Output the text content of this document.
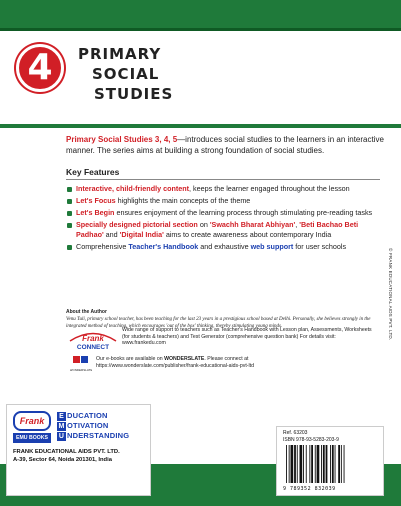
4	PRIMARY
SOCIAL
STUDIES

Primary Social Studies 3, 4, 5—introduces social studies to the learners in an interactive manner. The series aims at building a strong foundation of social studies.

Key Features
Interactive, child-friendly content, keeps the learner engaged throughout the lesson
Let's Focus highlights the main concepts of the theme
Let's Begin ensures enjoyment of the learning process through stimulating pre-reading tasks
Specially designed pictorial section on 'Swachh Bharat Abhiyan', 'Beti Bachao Beti Padhao' and 'Digital India' aims to create awareness about contemporary India
Comprehensive Teacher's Handbook and exhaustive web support for user schools
About the Author

Venu Tuli, primary school teacher, has been teaching for the last 23 years in a prestigious school based at Delhi. Personally, she believes strongly in the integrated method of teaching, which encourages 'out of the box' thinking, thereby stimulating young minds.

Frank
CONNECT

Wide range of support to teachers such as Teacher's Handbook with Lesson plan, Assessments, Worksheets (for students & teachers) and Test Generator (comprehensive question bank) For details visit: www.frankedu.com

WONDERSLATE
Our e-books are available on WONDERSLATE. Please connect at
https://www.wonderslate.com/publisher/frank-educational-aids-pvt-ltd
© FRANK EDUCATIONAL AIDS PVT. LTD.
Frank
EMU BOOKS
E DUCATION
M OTIVATION
U NDERSTANDING
FRANK EDUCATIONAL AIDS PVT. LTD.
A-39, Sector 64, Noida 201301, India
Ref. 63203
ISBN 978-93-5283-203-9
9 789352 832039
